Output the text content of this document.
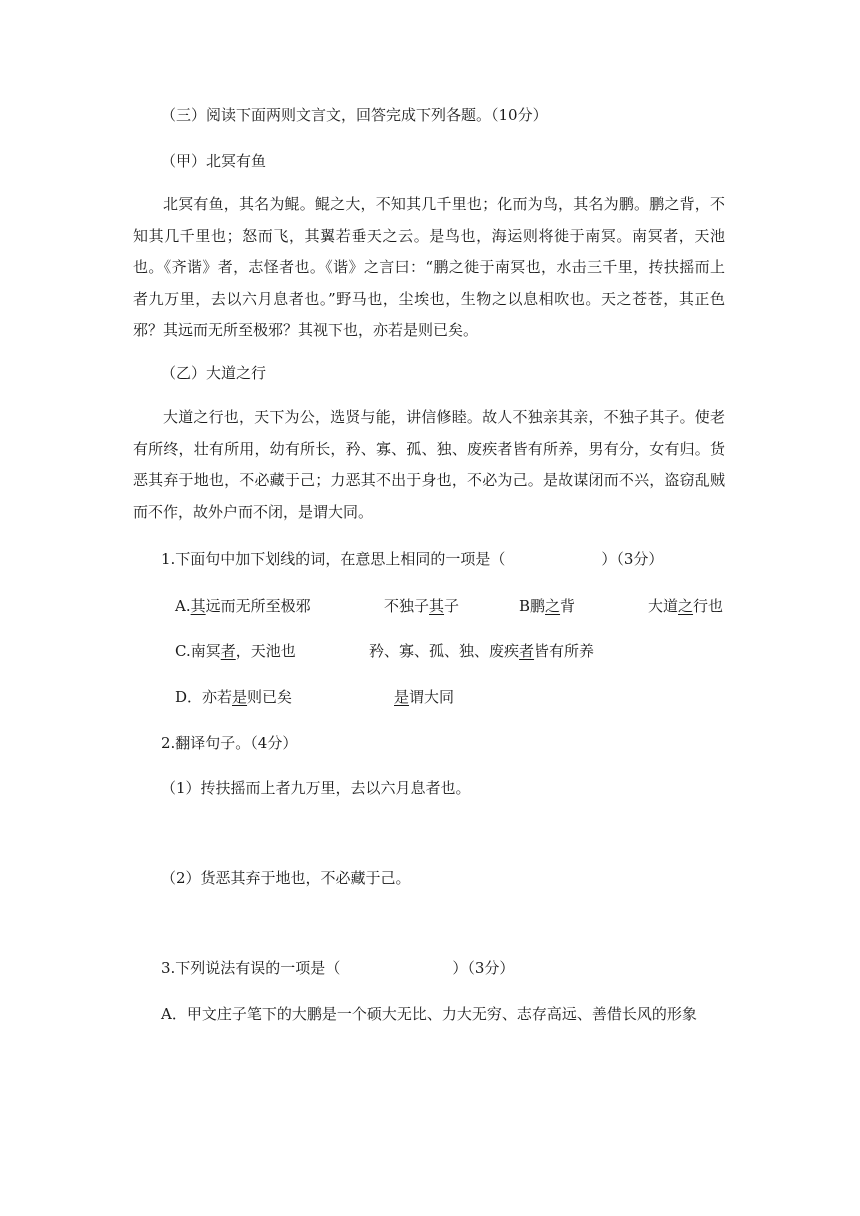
（三）阅读下面两则文言文，回答完成下列各题。（10分）
（甲）北冥有鱼
北冥有鱼，其名为鲲。鲲之大，不知其几千里也；化而为鸟，其名为鹏。鹏之背，不知其几千里也；怒而飞，其翼若垂天之云。是鸟也，海运则将徙于南冥。南冥者，天池也。《齐谐》者，志怪者也。《谐》之言曰：“鹏之徙于南冥也，水击三千里，抟扶摇而上者九万里，去以六月息者也。”野马也，尘埃也，生物之以息相吹也。天之苍苍，其正色邪？其远而无所至极邪？其视下也，亦若是则已矣。
（乙）大道之行
大道之行也，天下为公，选贤与能，讲信修睦。故人不独亲其亲，不独子其子。使老有所终，壮有所用，幼有所长，矜、寡、孤、独、废疾者皆有所养，男有分，女有归。货恶其弃于地也，不必藏于己；力恶其不出于身也，不必为己。是故谋闭而不兴，盗窃乱贼而不作，故外户而不闭，是谓大同。
1.下面句中加下划线的词，在意思上相同的一项是（	）（3分）
A.其远而无所至极邪	不独子其子	B鹏之背	大道之行也
C.南冥者，天池也	矜、寡、孤、独、废疾者皆有所养
D．亦若是则已矣	是谓大同
2.翻译句子。（4分）
（1）抟扶摇而上者九万里，去以六月息者也。
（2）货恶其弃于地也，不必藏于己。
3.下列说法有误的一项是（	）（3分）
A．甲文庄子笔下的大鹏是一个硕大无比、力大无穷、志存高远、善借长风的形象
